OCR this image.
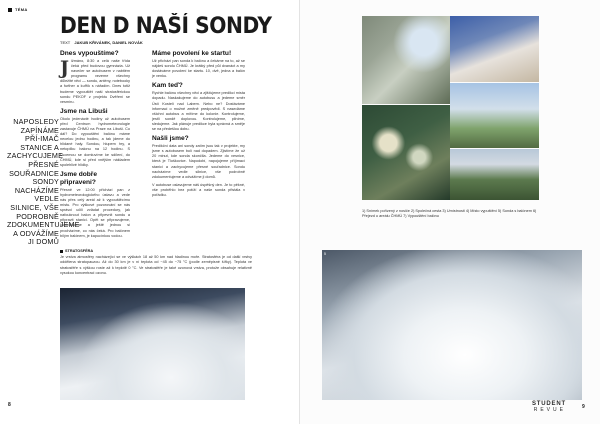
TÉMA
DEN D NAŠÍ SONDY
TEXT JAKUB KŘIVÁNEK, DANIEL NOVÁK
NAPOSLEDY ZAPÍNÁME PŘÍ-IMAČ STANICE A ZACHYCUJEME PŘESNÉ SOUŘADNICE SONDY NACHÁZÍME VEDLE SILNICE, VŠE PODROBNĚ ZDOKUMENTUJEME A ODVÁŽÍME JI DOMŮ
Dnes vypouštíme?

Jižmáno, 8:30 a celá naše třída čeká před budovou gymnázia. Už navečer se autobusem v nabitém programu vezeme všechny důležité věci — sondu, antény, notebooky a further a kufřík s nářadím. Dnes totiž budeme vypouštět naši stratosférickou sondu PEKOF z projektu Dvěření se vesmíru.

Jsme na Libuši

Okolo jedenácté hodiny už autobusem před Centrum hydrometeorologie zastavuje ČHMÚ na Praze na Libuši. Co dál? Do vypouštění balónu máme necelou jednu hodinu, a tak jdeme do hlídané haly. Sondou, hlupem hry, a netopílku balonu na 12 hodinu. S Lucemou se domluvíme ke sdílení, do ČHMÚ, kde si před vnějším nákladem spolehlivé hlídky.

Jsme dobře připraveni?

Přesně ve 12:00 přichází pan z hydrometeorologického ústavu a vede nás přes celý areál až k vypouštěcímu místu. Pro výškové pozorování se nás správci učili zvládat procedury, jak nafouknout balon a připevnit sondu a připravit stanici. Opět se připravujeme, kontrolujeme a ještě jednou si procházíme, co nás čeká. Pro balónem bílým balónem, je kapucínkou vodou.

Máme povolení ke startu!

Už přichází pan sonda k balónu a čekáme na to, až se nájdeš sondu ČHMÚ. Je krátký před půl dvanáct a my dostáváme povolení ke startu. 10, dvě, jedna a balón je venku.

Kam teď?

Rychle balónu všechny věci a zjišťujeme predikci místa dopadu. Naskakujeme do autobusu a jedeme směr Ústí Kostelí nad Labem. Nebo ne? Dostáváme informaci o možné změně predpovědi. S nasedáme všichni autobus a míříme do kolonie. Kontrolujeme, jestli sondě doplovou. Kontrolujeme, pilníme, sledujeme. Jak plánuje predikce byla správná a směje se na předešlou dobu.

Našli jsme?

Predikční data ani sondy zatím jsou tak v projekte, my jsme s autobusem bolí nad dopadem. Zjistíme že už 20 minut, kde sonda skončila. Jedeme do vesnice, která je Tloškovice. Napodobí, napojujeme příjímací stanici a zachycujeme přesné souřadnice. Sondu nacházíme vedle silnice, vše podrobně zdokumentujeme a odvážíme ji domů.

V autobuse oslavujeme náš úspěšný den. Je to pěkné, vše proběhlo bez potíží a naše sonda přistála v pořádku.

STRATOSFÉRA
Je vrstva atmosféry nacházející se ve výškách 18 až 50 km nad hladinou moře. Stratosféra je od další vrstvy oddělena stratopauzou. Až do 30 km je v ní teplota od −45 do −75 °C (podle zeměpisné šířky). Teplota ve stratosféře s výškou roste až k teplotě 0 °C. Ve stratosféře je také ozonová vrstva, protože obsahuje relativně vysokou koncentraci ozonu.
8
1) Snímek pořízený z nosiče 2) Společná cesta 3) Umístnosti 4) Místo vypuštění 5) Sonda s balónem 6) Přejezd u areálu ČHMÚ 7) Vypouštění balónu
5
STUDENT
REVUE	9
